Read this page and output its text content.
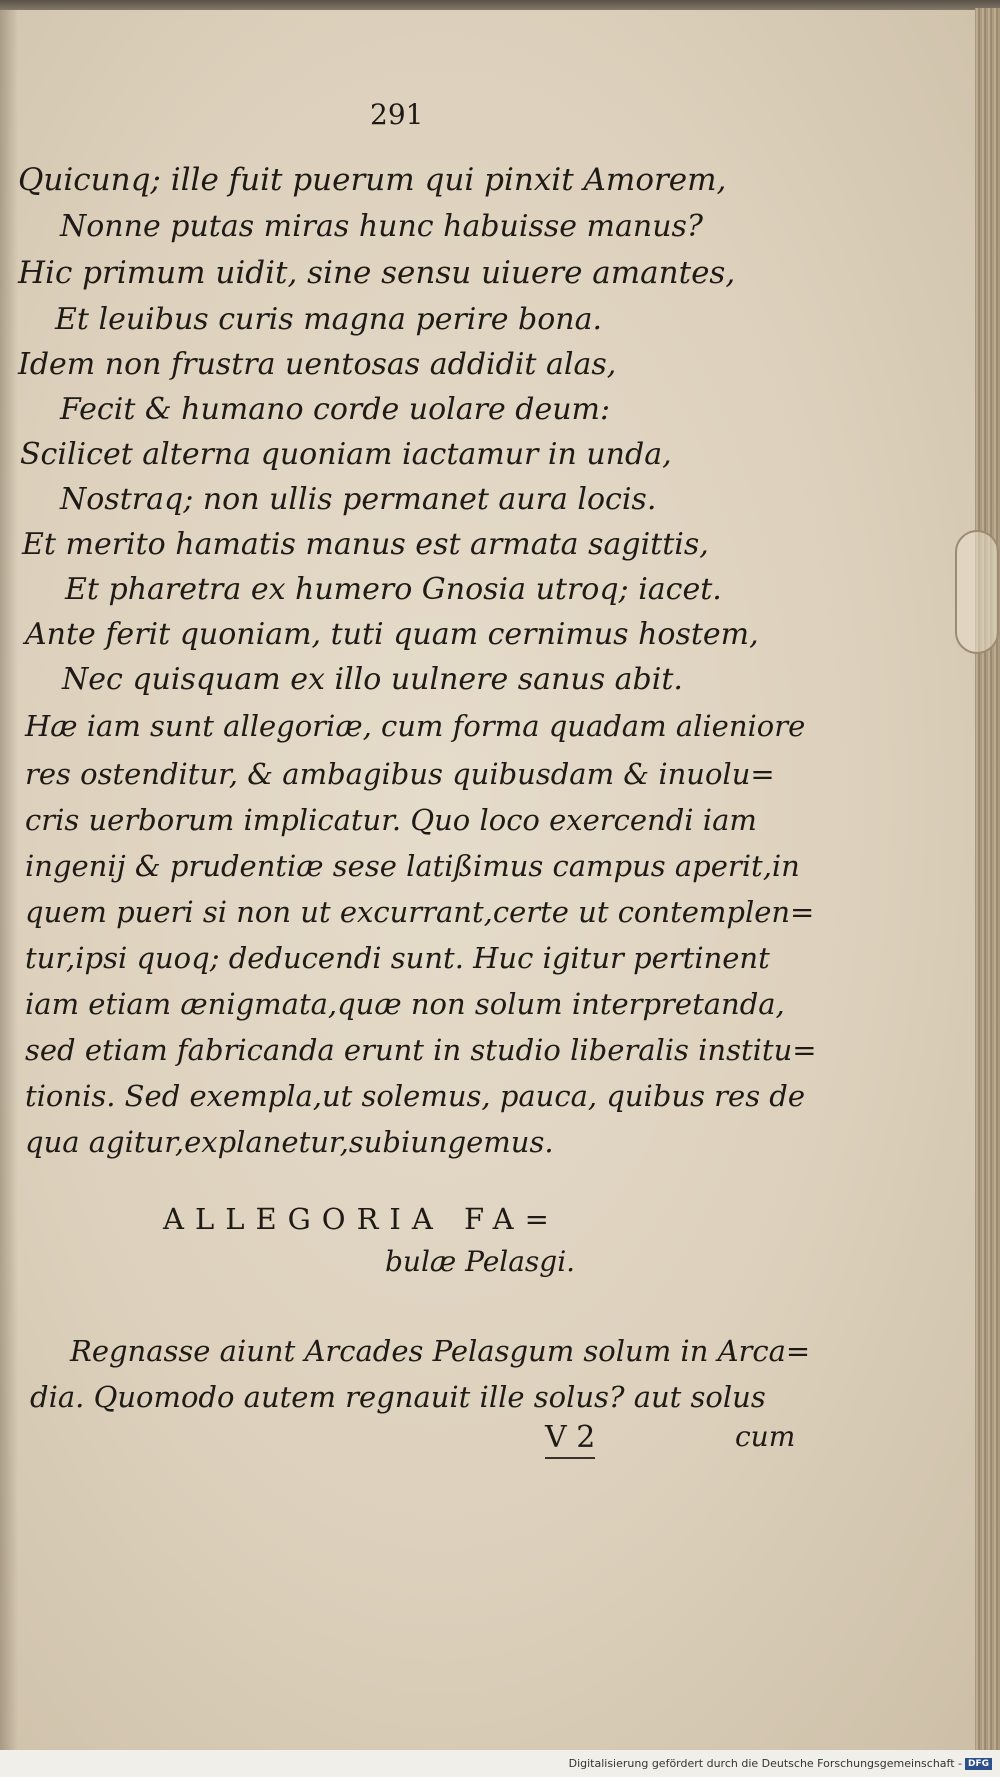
291
Quicunq; ille fuit puerum qui pinxit Amorem,
Nonne putas miras hunc habuisse manus?
Hic primum uidit, sine sensu uiuere amantes,
Et leuibus curis magna perire bona.
Idem non frustra uentosas addidit alas,
Fecit & humano corde uolare deum:
Scilicet alterna quoniam iactamur in unda,
Nostraq; non ullis permanet aura locis.
Et merito hamatis manus est armata sagittis,
Et pharetra ex humero Gnosia utroq; iacet.
Ante ferit quoniam, tuti quam cernimus hostem,
Nec quisquam ex illo uulnere sanus abit.
Hæ iam sunt allegoriæ, cum forma quadam alieniore
res ostenditur, & ambagibus quibusdam & inuolu=
cris uerborum implicatur. Quo loco exercendi iam
ingenij & prudentiæ sese latißimus campus aperit,in
quem pueri si non ut excurrant,certe ut contemplen=
tur,ipsi quoq; deducendi sunt. Huc igitur pertinent
iam etiam ænigmata,quæ non solum interpretanda,
sed etiam fabricanda erunt in studio liberalis institu=
tionis. Sed exempla,ut solemus, pauca, quibus res de
qua agitur,explanetur,subiungemus.
ALLEGORIA FA=
bulæ Pelasgi.
Regnasse aiunt Arcades Pelasgum solum in Arca=
dia. Quomodo autem regnauit ille solus? aut solus
V 2	cum
Digitalisierung gefördert durch die Deutsche Forschungsgemeinschaft - DFG
